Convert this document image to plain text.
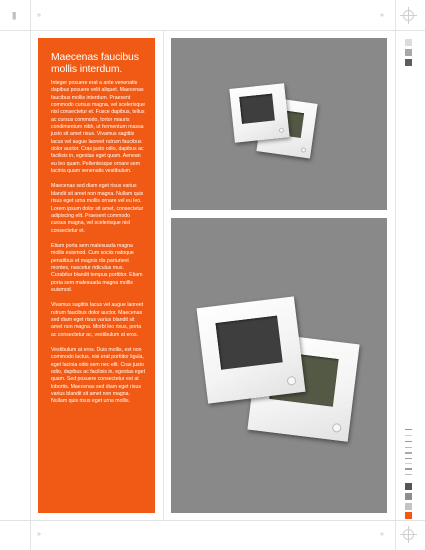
|||	»	»
»	»
Maecenas faucibus mollis interdum.

Integer posuere erat a ante venenatis dapibus posuere velit aliquet. Maecenas faucibus mollis interdum. Praesent commodo cursus magna, vel scelerisque nisl consectetur et. Fusce dapibus, tellus ac cursus commodo, tortor mauris condimentum nibh, ut fermentum massa justo sit amet risus. Vivamus sagittis lacus vel augue laoreet rutrum faucibus dolor auctor. Cras justo odio, dapibus ac facilisis in, egestas eget quam. Aenean eu leo quam. Pellentesque ornare sem lacinia quam venenatis vestibulum.

Maecenas sed diam eget risus varius blandit sit amet non magna. Nullam quis risus eget urna mollis ornare vel eu leo. Lorem ipsum dolor sit amet, consectetur adipiscing elit. Praesent commodo cursus magna, vel scelerisque nisl consectetur et.

Etiam porta sem malesuada magna mollis euismod. Cum sociis natoque penatibus et magnis dis parturient montes, nascetur ridiculus mus. Curabitur blandit tempus porttitor. Etiam porta sem malesuada magna mollis euismod.

Vivamus sagittis lacus vel augue laoreet rutrum faucibus dolor auctor. Maecenas sed diam eget risus varius blandit sit amet non magna. Morbi leo risus, porta ac consectetur ac, vestibulum at eros.

Vestibulum at eros. Duis mollis, est non commodo luctus, nisi erat porttitor ligula, eget lacinia odio sem nec elit. Cras justo odio, dapibus ac facilisis in, egestas eget quam. Sed posuere consectetur est at lobortis. Maecenas sed diam eget risus varius blandit sit amet non magna. Nullam quis risus eget urna mollis.
